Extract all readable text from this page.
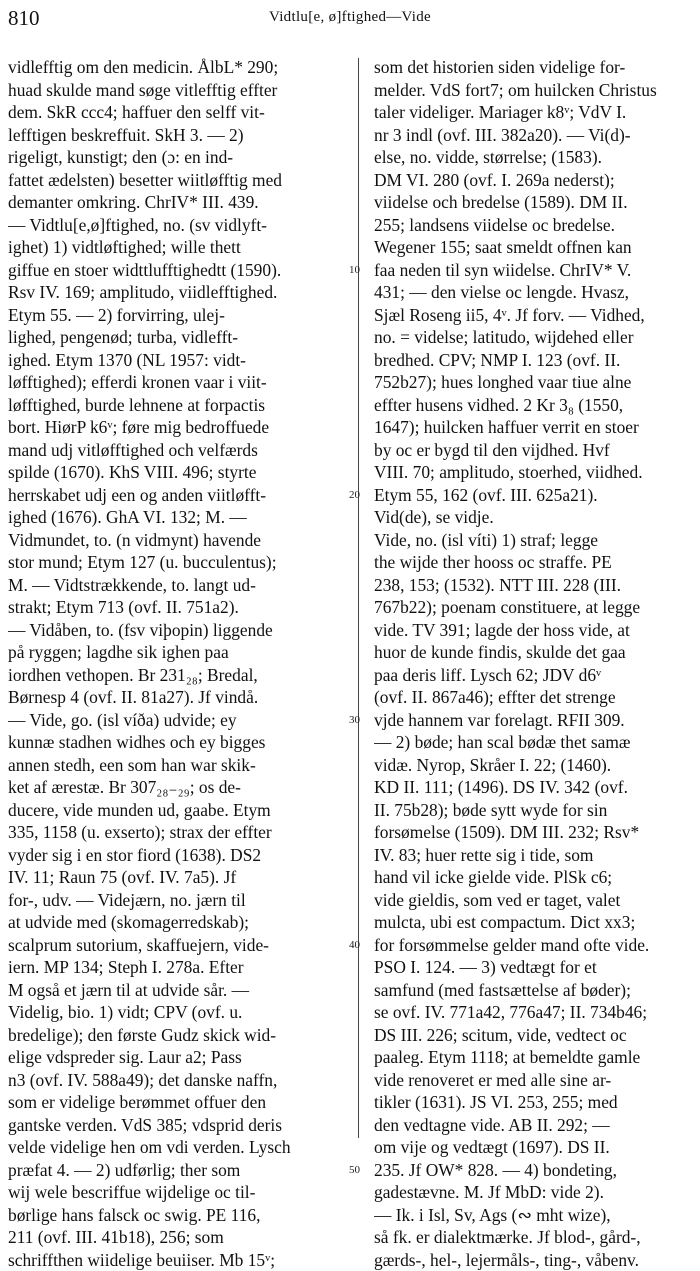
810	Vidtlu[e, ø]ftighed—Vide
vidlefftig om den medicin. ÅlbL* 290;
huad skulde mand søge vitlefftig effter
dem. SkR ccc4; haffuer den selff vit-
lefftigen beskreffuit. SkH 3. — 2)
rigeligt, kunstigt; den (ɔ: en ind-
fattet ædelsten) besetter wiitløfftig med
demanter omkring. ChrIV* III. 439.
— Vidtlu[e,ø]ftighed, no. (sv vidlyft-
ighet) 1) vidtløftighed; wille thett
giffue en stoer widttlufftighedtt (1590).
Rsv IV. 169; amplitudo, viidlefftighed.
Etym 55. — 2) forvirring, ulej-
lighed, pengenød; turba, vidlefft-
ighed. Etym 1370 (NL 1957: vidt-
løfftighed); efferdi kronen vaar i viit-
løfftighed, burde lehnene at forpactis
bort. HiørP k6ᵛ; føre mig bedroffuede
mand udj vitløfftighed och velfærds
spilde (1670). KhS VIII. 496; styrte
herrskabet udj een og anden viitløfft-
ighed (1676). GhA VI. 132; M. —
Vidmundet, to. (n vidmynt) havende
stor mund; Etym 127 (u. bucculentus);
M. — Vidtstrækkende, to. langt ud-
strakt; Etym 713 (ovf. II. 751a2).
— Vidåben, to. (fsv viþopin) liggende
på ryggen; lagdhe sik ighen paa
iordhen vethopen. Br 231₂₈; Bredal,
Børnesp 4 (ovf. II. 81a27). Jf vindå.
— Vide, go. (isl víða) udvide; ey
kunnæ stadhen widhes och ey bigges
annen stedh, een som han war skik-
ket af ærestæ. Br 307₂₈₋₂₉; os de-
ducere, vide munden ud, gaabe. Etym
335, 1158 (u. exserto); strax der effter
vyder sig i en stor fiord (1638). DS2
IV. 11; Raun 75 (ovf. IV. 7a5). Jf
for-, udv. — Videjærn, no. jærn til
at udvide med (skomagerredskab);
scalprum sutorium, skaffuejern, vide-
iern. MP 134; Steph I. 278a. Efter
M også et jærn til at udvide sår. —
Videlig, bio. 1) vidt; CPV (ovf. u.
bredelige); den første Gudz skick wid-
elige vdspreder sig. Laur a2; Pass
n3 (ovf. IV. 588a49); det danske naffn,
som er videlige berømmet offuer den
gantske verden. VdS 385; vdsprid deris
velde videlige hen om vdi verden. Lysch
præfat 4. — 2) udførlig; ther som
wij wele bescriffue wijdelige oc til-
børlige hans falsck oc swig. PE 116,
211 (ovf. III. 41b18), 256; som
schriffthen wiidelige beuiiser. Mb 15ᵛ;
10
20
30
40
50
som det historien siden videlige for-
melder. VdS fort7; om huilcken Christus
taler videliger. Mariager k8ᵛ; VdV I.
nr 3 indl (ovf. III. 382a20). — Vi(d)-
else, no. vidde, størrelse; (1583).
DM VI. 280 (ovf. I. 269a nederst);
viidelse och bredelse (1589). DM II.
255; landsens viidelse oc bredelse.
Wegener 155; saat smeldt offnen kan
faa neden til syn wiidelse. ChrIV* V.
431; — den vielse oc lengde. Hvasz,
Sjæl Roseng ii5, 4ᵛ. Jf forv. — Vidhed,
no. = videlse; latitudo, wijdehed eller
bredhed. CPV; NMP I. 123 (ovf. II.
752b27); hues longhed vaar tiue alne
effter husens vidhed. 2 Kr 3₈ (1550,
1647); huilcken haffuer verrit en stoer
by oc er bygd til den vijdhed. Hvf
VIII. 70; amplitudo, stoerhed, viidhed.
Etym 55, 162 (ovf. III. 625a21).
Vid(de), se vidje.
Vide, no. (isl víti) 1) straf; legge
the wijde ther hooss oc straffe. PE
238, 153; (1532). NTT III. 228 (III.
767b22); poenam constituere, at legge
vide. TV 391; lagde der hoss vide, at
huor de kunde findis, skulde det gaa
paa deris liff. Lysch 62; JDV d6ᵛ
(ovf. II. 867a46); effter det strenge
vjde hannem var forelagt. RFII 309.
— 2) bøde; han scal bødæ thet samæ
vidæ. Nyrop, Skråer I. 22; (1460).
KD II. 111; (1496). DS IV. 342 (ovf.
II. 75b28); bøde sytt wyde for sin
forsømelse (1509). DM III. 232; Rsv*
IV. 83; huer rette sig i tide, som
hand vil icke gielde vide. PlSk c6;
vide gieldis, som ved er taget, valet
mulcta, ubi est compactum. Dict xx3;
for forsømmelse gelder mand ofte vide.
PSO I. 124. — 3) vedtægt for et
samfund (med fastsættelse af bøder);
se ovf. IV. 771a42, 776a47; II. 734b46;
DS III. 226; scitum, vide, vedtect oc
paaleg. Etym 1118; at bemeldte gamle
vide renoveret er med alle sine ar-
tikler (1631). JS VI. 253, 255; med
den vedtagne vide. AB II. 292; —
om vije og vedtægt (1697). DS II.
235. Jf OW* 828. — 4) bondeting,
gadestævne. M. Jf MbD: vide 2).
— Ik. i Isl, Sv, Ags (∾ mht wize),
så fk. er dialektmærke. Jf blod-, gård-,
gærds-, hel-, lejermåls-, ting-, våbenv.
